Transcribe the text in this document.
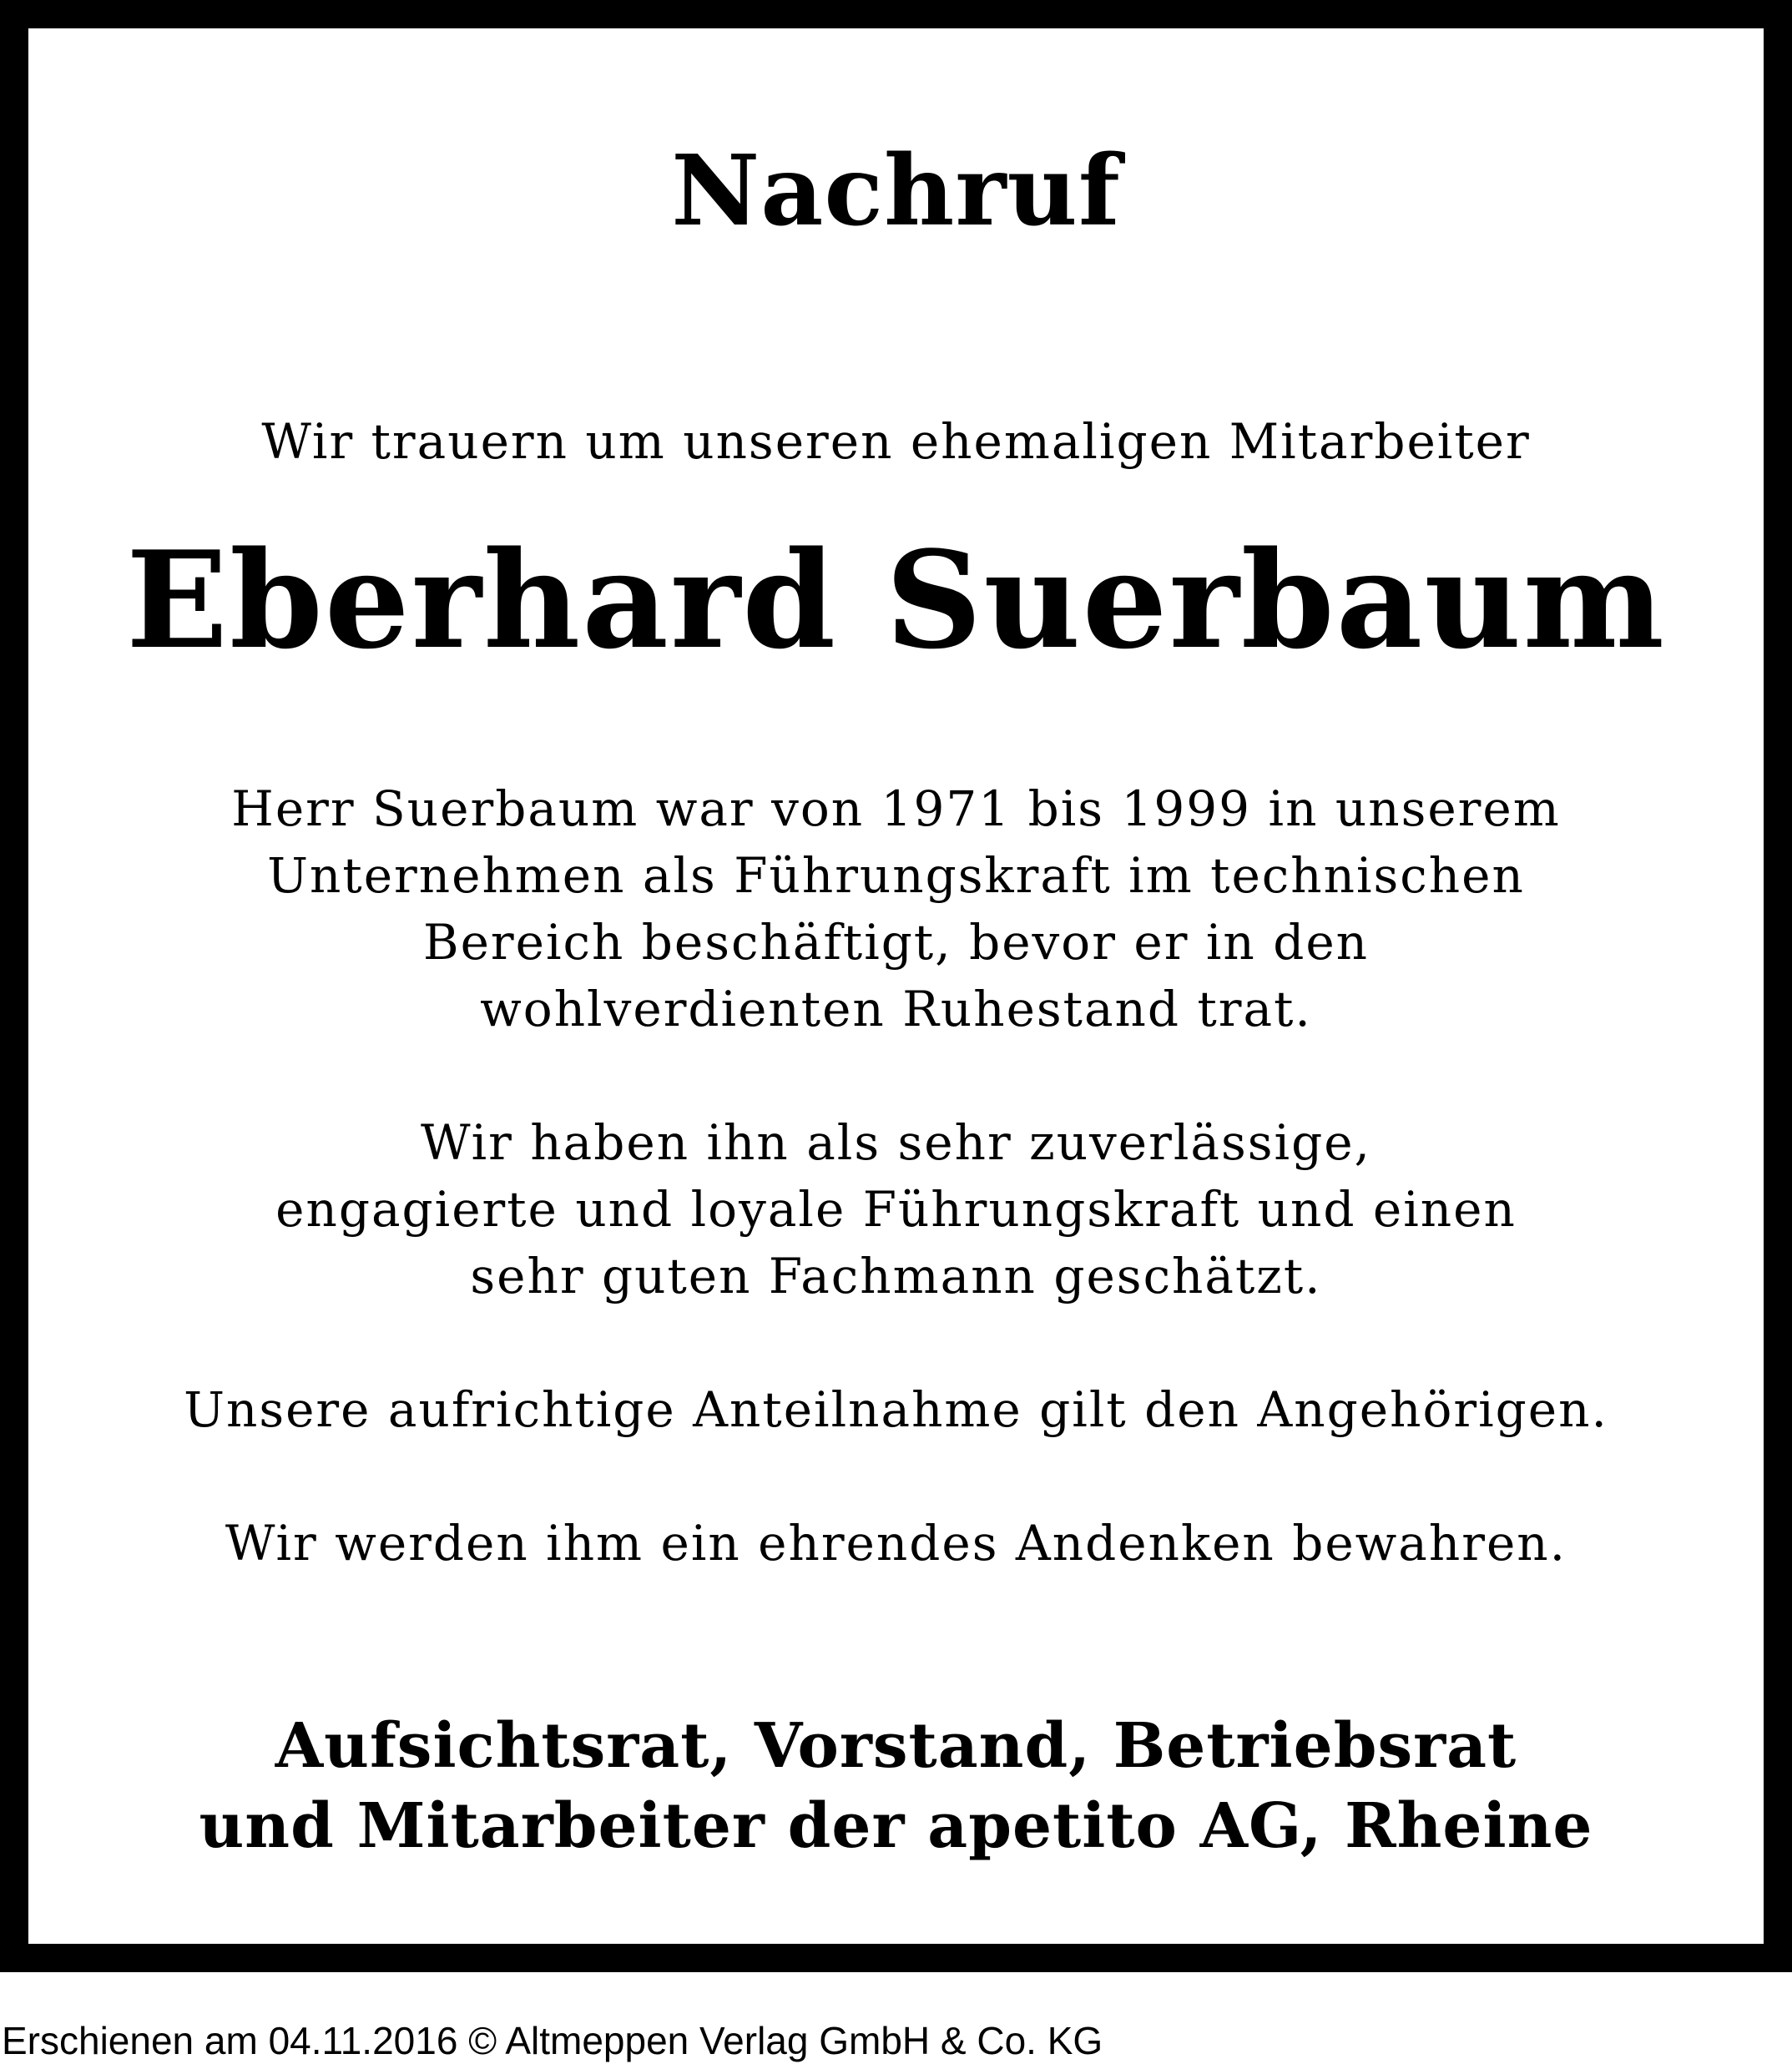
Nachruf
Wir trauern um unseren ehemaligen Mitarbeiter
Eberhard Suerbaum
Herr Suerbaum war von 1971 bis 1999 in unserem
Unternehmen als Führungskraft im technischen
Bereich beschäftigt, bevor er in den
wohlverdienten Ruhestand trat.
Wir haben ihn als sehr zuverlässige,
engagierte und loyale Führungskraft und einen
sehr guten Fachmann geschätzt.
Unsere aufrichtige Anteilnahme gilt den Angehörigen.
Wir werden ihm ein ehrendes Andenken bewahren.
Aufsichtsrat, Vorstand, Betriebsrat
und Mitarbeiter der apetito AG, Rheine
Erschienen am 04.11.2016 © Altmeppen Verlag GmbH & Co. KG
